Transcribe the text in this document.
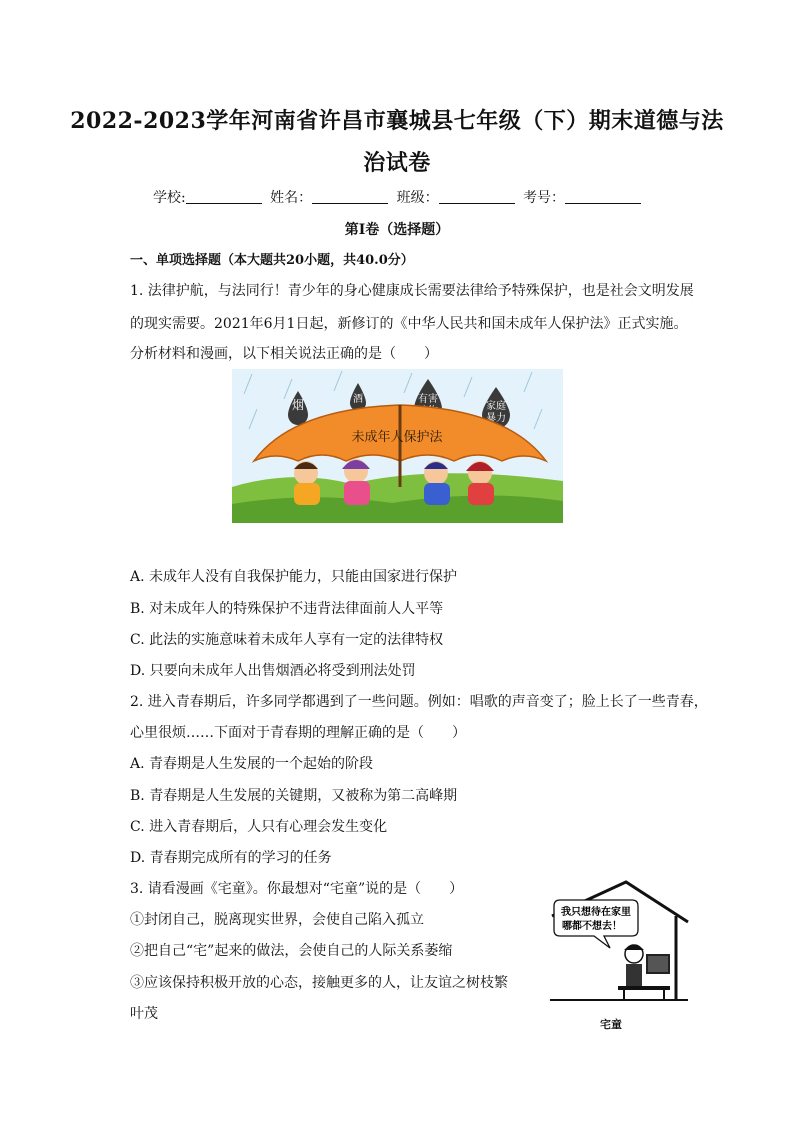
2022-2023学年河南省许昌市襄城县七年级（下）期末道德与法
治试卷
学校:	姓名：	班级：	考号：
第I卷（选择题）
一、单项选择题（本大题共20小题，共40.0分）
1. 法律护航，与法同行！青少年的身心健康成长需要法律给予特殊保护，也是社会文明发展
的现实需要。2021年6月1日起，新修订的《中华人民共和国未成年人保护法》正式实施。
分析材料和漫画，以下相关说法正确的是（　　）
烟	酒	有害
家庭
暴力
未成年人保护法
A. 未成年人没有自我保护能力，只能由国家进行保护
B. 对未成年人的特殊保护不违背法律面前人人平等
C. 此法的实施意味着未成年人享有一定的法律特权
D. 只要向未成年人出售烟酒必将受到刑法处罚
2. 进入青春期后，许多同学都遇到了一些问题。例如：唱歌的声音变了；脸上长了一些青春，
心里很烦……下面对于青春期的理解正确的是（　　）
A. 青春期是人生发展的一个起始的阶段
B. 青春期是人生发展的关键期，又被称为第二高峰期
C. 进入青春期后，人只有心理会发生变化
D. 青春期完成所有的学习的任务
3. 请看漫画《宅童》。你最想对“宅童”说的是（　　）
①封闭自己，脱离现实世界，会使自己陷入孤立
②把自己“宅”起来的做法，会使自己的人际关系萎缩
③应该保持积极开放的心态，接触更多的人，让友谊之树枝繁
叶茂
我只想待在家里
哪都不想去！
宅童
